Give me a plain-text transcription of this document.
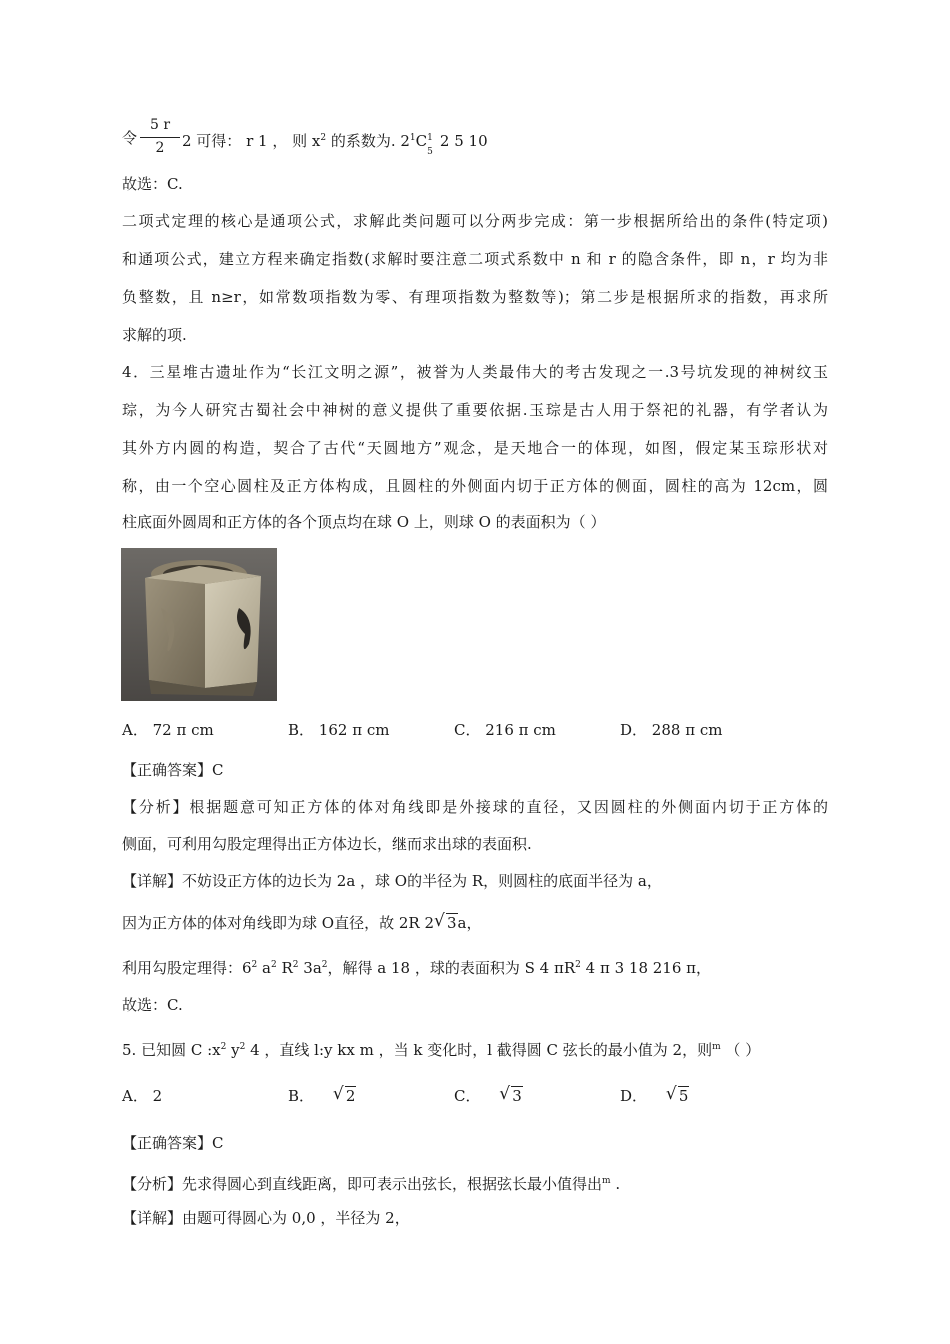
令
5 r
2	2 可得： r 1 ， 则 $x^2$ 的系数为. $2^1C$ 1
5
2 5 10
故选：C.
二项式定理的核心是通项公式，求解此类问题可以分两步完成：第一步根据所给出的条件(特定项)
和通项公式，建立方程来确定指数(求解时要注意二项式系数中 n 和 r 的隐含条件，即 n，r 均为非
负整数，且 n≥r，如常数项指数为零、有理项指数为整数等)；第二步是根据所求的指数，再求所
求解的项.
4．三星堆古遗址作为“长江文明之源”，被誉为人类最伟大的考古发现之一.3号坑发现的神树纹玉
琮，为今人研究古蜀社会中神树的意义提供了重要依据.玉琮是古人用于祭祀的礼器，有学者认为
其外方内圆的构造，契合了古代“天圆地方”观念，是天地合一的体现，如图，假定某玉琮形状对
称，由一个空心圆柱及正方体构成，且圆柱的外侧面内切于正方体的侧面，圆柱的高为 12cm，圆
柱底面外圆周和正方体的各个顶点均在球 O 上，则球 O 的表面积为（ ）
A． 72 π cm	B． 162 π cm	C． 216 π cm	D． 288 π cm
【正确答案】C
【分析】根据题意可知正方体的体对角线即是外接球的直径，又因圆柱的外侧面内切于正方体的
侧面，可利用勾股定理得出正方体边长，继而求出球的表面积.
【详解】不妨设正方体的边长为 2a ，球 O的半径为 R，则圆柱的底面半径为 a，
因为正方体的体对角线即为球 O直径，故 2R 2 √ 3a，
利用勾股定理得：$6^2$ $a^2$ $R^2$ $3a^2$，解得 a 18 ，球的表面积为 S 4 $\pi R^2$ 4 π 3 18 216 π，
故选：C.
5. 已知圆 C $:x^2$ $y^2$ 4 ，直线 l:y kx m ，当 k 变化时，l 截得圆 C 弦长的最小值为 2，则$^m$ （ ）
A． 2	B． √ 2	C． √ 3	D． √ 5
【正确答案】C
【分析】先求得圆心到直线距离，即可表示出弦长，根据弦长最小值得出$^m$ .
【详解】由题可得圆心为 0,0 ，半径为 2，
